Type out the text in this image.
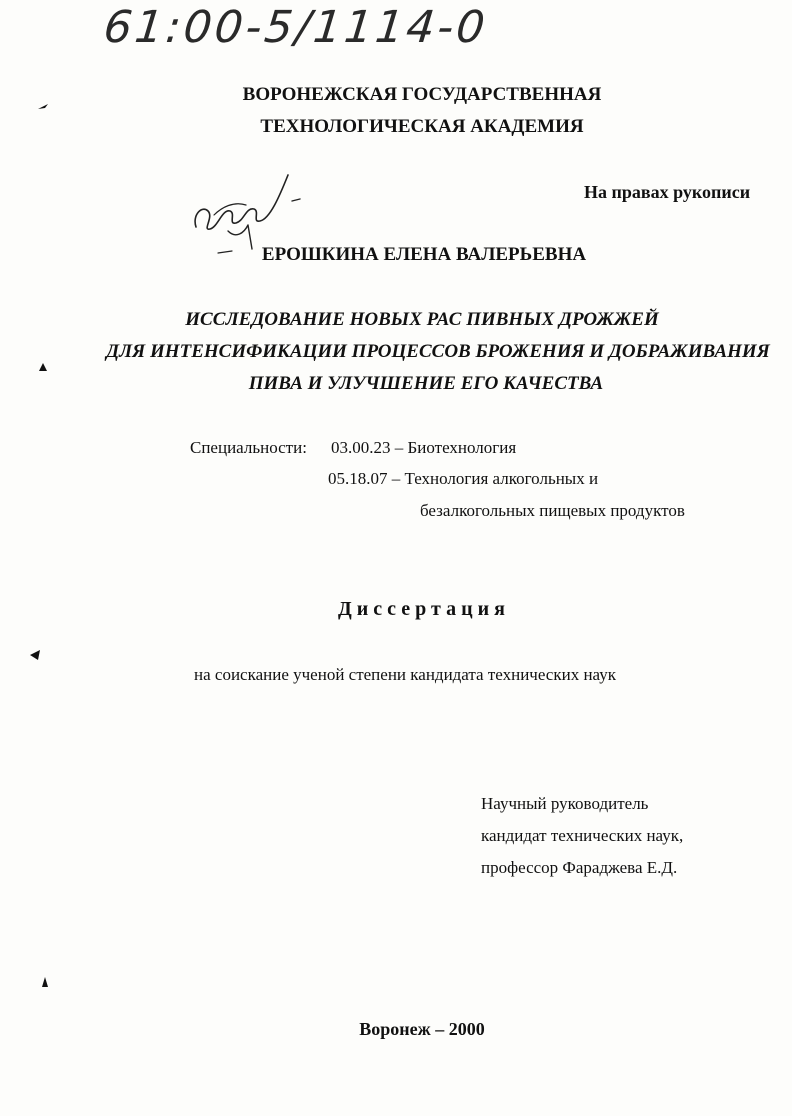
61:00-5/1114-0
ВОРОНЕЖСКАЯ ГОСУДАРСТВЕННАЯ
ТЕХНОЛОГИЧЕСКАЯ АКАДЕМИЯ
На правах рукописи
ЕРОШКИНА ЕЛЕНА ВАЛЕРЬЕВНА
ИССЛЕДОВАНИЕ НОВЫХ РАС ПИВНЫХ ДРОЖЖЕЙ
ДЛЯ ИНТЕНСИФИКАЦИИ ПРОЦЕССОВ БРОЖЕНИЯ И ДОБРАЖИВАНИЯ
ПИВА И УЛУЧШЕНИЕ ЕГО КАЧЕСТВА
Специальности: 03.00.23 – Биотехнология
05.18.07 – Технология алкогольных и
безалкогольных пищевых продуктов
Диссертация
на соискание ученой степени кандидата технических наук
Научный руководитель
кандидат технических наук,
профессор Фараджева Е.Д.
Воронеж – 2000
